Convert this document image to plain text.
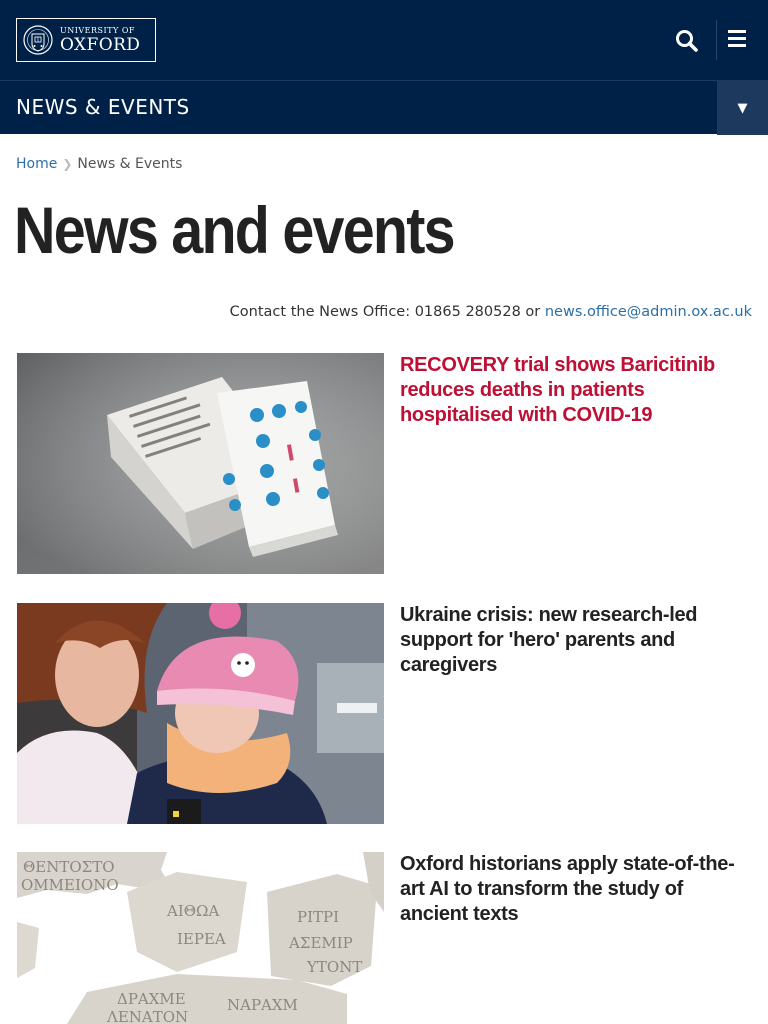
UNIVERSITY OF
OXFORD
NEWS & EVENTS	▼
Home ❯ News & Events
News and events
Contact the News Office: 01865 280528 or news.office@admin.ox.ac.uk
RECOVERY trial shows Baricitinib reduces deaths in patients hospitalised with COVID-19
Ukraine crisis: new research-led support for 'hero' parents and caregivers
ΘΕΝΤΟΣΤΟ
ΟΜΜΕΙΟΝΟ
ΑΙΘΩΑ
ΙΕΡΕΑ
ΡΙΤΡΙ
ΑΣΕΜΙΡ
ΥΤΟΝΤ
ΔΡΑΧΜΕ	ΝΑΡΑΧΜ
ΛΕΝΑΤΟΝ
Oxford historians apply state-of-the-art AI to transform the study of ancient texts
